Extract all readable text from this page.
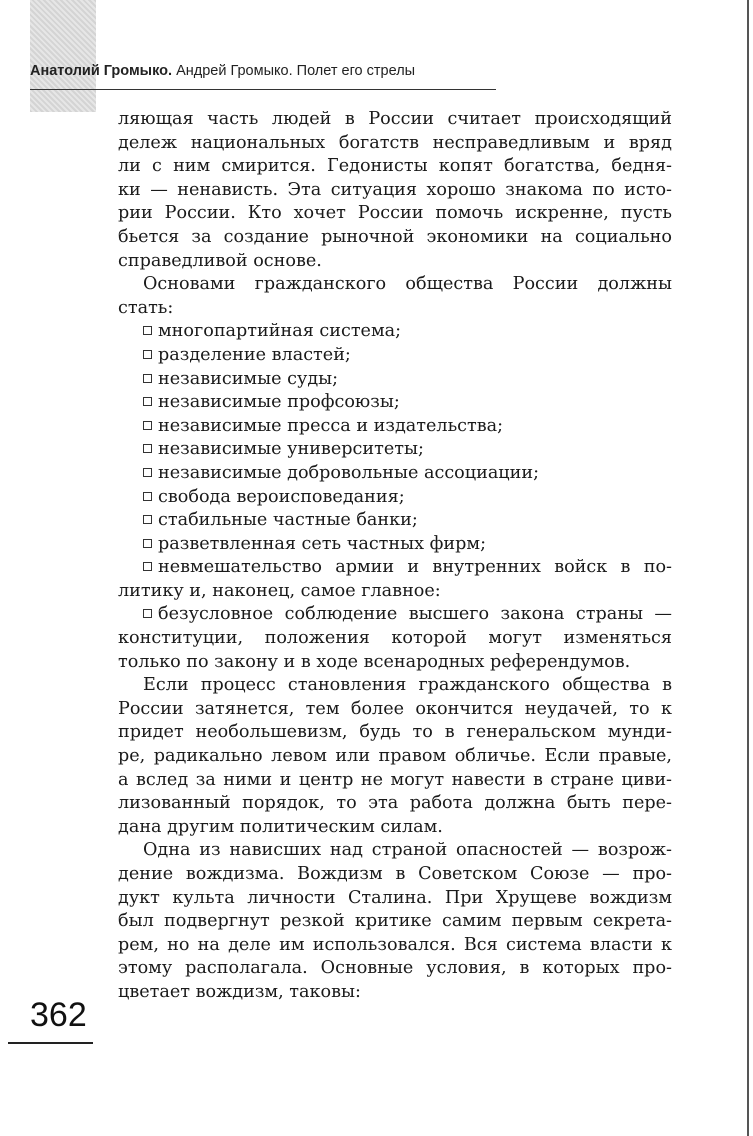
Анатолий Громыко. Андрей Громыко. Полет его стрелы
ляющая часть людей в России считает происходящий
дележ национальных богатств несправедливым и вряд
ли с ним смирится. Гедонисты копят богатства, бедня-
ки — ненависть. Эта ситуация хорошо знакома по исто-
рии России. Кто хочет России помочь искренне, пусть
бьется за создание рыночной экономики на социально
справедливой основе.
Основами гражданского общества России должны
стать:
многопартийная система;
разделение властей;
независимые суды;
независимые профсоюзы;
независимые пресса и издательства;
независимые университеты;
независимые добровольные ассоциации;
свобода вероисповедания;
стабильные частные банки;
разветвленная сеть частных фирм;
невмешательство армии и внутренних войск в по-
литику и, наконец, самое главное:
безусловное соблюдение высшего закона страны —
конституции, положения которой могут изменяться
только по закону и в ходе всенародных референдумов.
Если процесс становления гражданского общества в
России затянется, тем более окончится неудачей, то к
придет необольшевизм, будь то в генеральском мунди-
ре, радикально левом или правом обличье. Если правые,
а вслед за ними и центр не могут навести в стране циви-
лизованный порядок, то эта работа должна быть пере-
дана другим политическим силам.
Одна из нависших над страной опасностей — возрож-
дение вождизма. Вождизм в Советском Союзе — про-
дукт культа личности Сталина. При Хрущеве вождизм
был подвергнут резкой критике самим первым секрета-
рем, но на деле им использовался. Вся система власти к
этому располагала. Основные условия, в которых про-
цветает вождизм, таковы:
362
